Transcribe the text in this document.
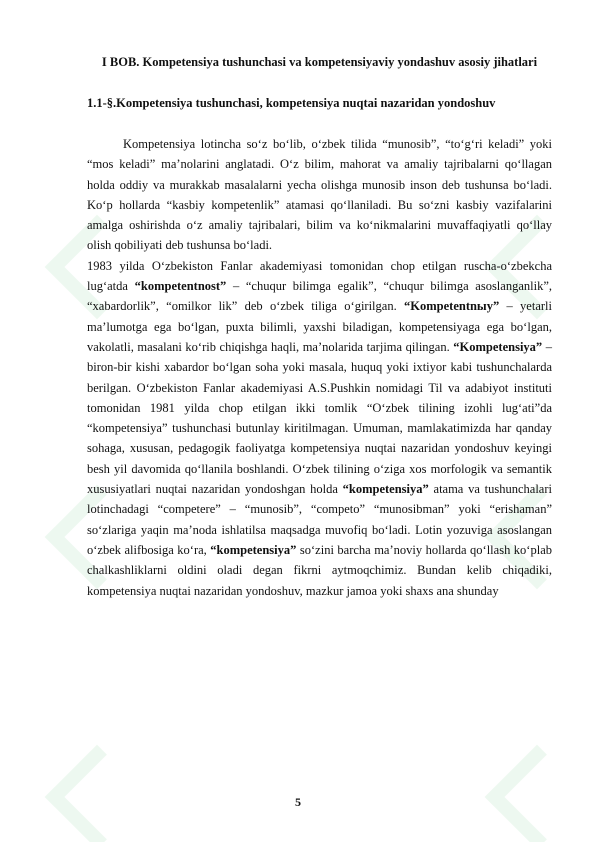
I BOB. Kompetensiya tushunchasi va kompetensiyaviy yondashuv asosiy jihatlari
1.1-§.Kompetensiya tushunchasi, kompetensiya nuqtai nazaridan yondoshuv

Kompetensiya lotincha so‘z bo‘lib, o‘zbek tilida “munosib”, “to‘g‘ri keladi” yoki “mos keladi” ma’nolarini anglatadi. O‘z bilim, mahorat va amaliy tajribalarni qo‘llagan holda oddiy va murakkab masalalarni yecha olishga munosib inson deb tushunsa bo‘ladi. Ko‘p hollarda “kasbiy kompetenlik” atamasi qo‘llaniladi. Bu so‘zni kasbiy vazifalarini amalga oshirishda o‘z amaliy tajribalari, bilim va ko‘nikmalarini muvaffaqiyatli qo‘llay olish qobiliyati deb tushunsa bo‘ladi.

1983 yilda O‘zbekiston Fanlar akademiyasi tomonidan chop etilgan ruscha-o‘zbekcha lug‘atda “kompetentnost” – “chuqur bilimga egalik”, “chuqur bilimga asoslanganlik”, “xabardorlik”, “omilkor lik” deb o‘zbek tiliga o‘girilgan. “Kompetentnыy” – yetarli ma’lumotga ega bo‘lgan, puxta bilimli, yaxshi biladigan, kompetensiyaga ega bo‘lgan, vakolatli, masalani ko‘rib chiqishga haqli, ma’nolarida tarjima qilingan. “Kompetensiya” – biron-bir kishi xabardor bo‘lgan soha yoki masala, huquq yoki ixtiyor kabi tushunchalarda berilgan. O‘zbekiston Fanlar akademiyasi A.S.Pushkin nomidagi Til va adabiyot instituti tomonidan 1981 yilda chop etilgan ikki tomlik “O‘zbek tilining izohli lug‘ati”da “kompetensiya” tushunchasi butunlay kiritilmagan. Umuman, mamlakatimizda har qanday sohaga, xususan, pedagogik faoliyatga kompetensiya nuqtai nazaridan yondoshuv keyingi besh yil davomida qo‘llanila boshlandi. O‘zbek tilining o‘ziga xos morfologik va semantik xususiyatlari nuqtai nazaridan yondoshgan holda “kompetensiya” atama va tushunchalari lotinchadagi “competere” – “munosib”, “competo” “munosibman” yoki “erishaman” so‘zlariga yaqin ma’noda ishlatilsa maqsadga muvofiq bo‘ladi. Lotin yozuviga asoslangan o‘zbek alifbosiga ko‘ra, “kompetensiya” so‘zini barcha ma’noviy hollarda qo‘llash ko‘plab chalkashliklarni oldini oladi degan fikrni aytmoqchimiz. Bundan kelib chiqadiki, kompetensiya nuqtai nazaridan yondoshuv, mazkur jamoa yoki shaxs ana shunday

5
